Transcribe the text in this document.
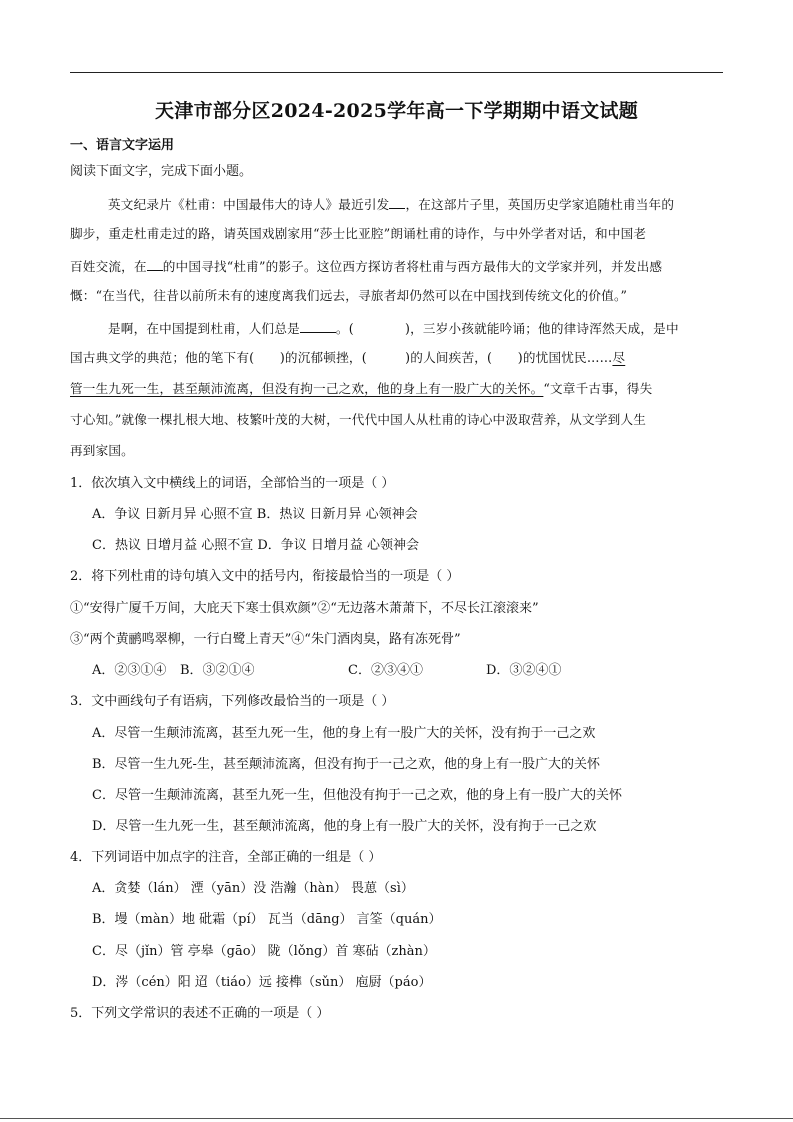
天津市部分区2024-2025学年高一下学期期中语文试题
一、语言文字运用
阅读下面文字，完成下面小题。
英文纪录片《杜甫：中国最伟大的诗人》最近引发 ，在这部片子里，英国历史学家追随杜甫当年的
脚步，重走杜甫走过的路，请英国戏剧家用“莎士比亚腔”朗诵杜甫的诗作，与中外学者对话，和中国老
百姓交流，在 的中国寻找“杜甫”的影子。这位西方探访者将杜甫与西方最伟大的文学家并列，并发出感
慨：“在当代，往昔以前所未有的速度离我们远去，寻旅者却仍然可以在中国找到传统文化的价值。”
是啊，在中国提到杜甫，人们总是	。(　　　　)，三岁小孩就能吟诵；他的律诗浑然天成，是中
国古典文学的典范；他的笔下有(　　)的沉郁顿挫，(　　　)的人间疾苦，(　　)的忧国忧民……尽
管一生九死一生，甚至颠沛流离，但没有拘一己之欢，他的身上有一股广大的关怀。“文章千古事，得失
寸心知。”就像一棵扎根大地、枝繁叶茂的大树，一代代中国人从杜甫的诗心中汲取营养，从文学到人生
再到家国。
1．依次填入文中横线上的词语，全部恰当的一项是（ ）
A．争议 日新月异 心照不宣 B．热议 日新月异 心领神会
C．热议 日增月益 心照不宣 D．争议 日增月益 心领神会
2．将下列杜甫的诗句填入文中的括号内，衔接最恰当的一项是（ ）
①“安得广厦千万间，大庇天下寒士俱欢颜”②“无边落木萧萧下，不尽长江滚滚来”
③“两个黄鹂鸣翠柳，一行白鹭上青天”④“朱门酒肉臭，路有冻死骨”
A．②③①④ B．③②①④	C．②③④①	D．③②④①
3．文中画线句子有语病，下列修改最恰当的一项是（ ）
A．尽管一生颠沛流离，甚至九死一生，他的身上有一股广大的关怀，没有拘于一己之欢
B．尽管一生九死-生，甚至颠沛流离，但没有拘于一己之欢，他的身上有一股广大的关怀
C．尽管一生颠沛流离，甚至九死一生，但他没有拘于一己之欢，他的身上有一股广大的关怀
D．尽管一生九死一生，甚至颠沛流离，他的身上有一股广大的关怀，没有拘于一己之欢
4．下列词语中加点字的注音，全部正确的一组是（ ）
A．贪婪（lán） 湮（yān）没 浩瀚（hàn） 畏葸（sì）
B．墁（màn）地 砒霜（pí） 瓦当（dāng） 言筌（quán）
C．尽（jǐn）管 亭皋（gāo） 陇（lǒng）首 寒砧（zhàn）
D．涔（cén）阳 迢（tiáo）远 接榫（sǔn） 庖厨（páo）
5．下列文学常识的表述不正确的一项是（ ）
